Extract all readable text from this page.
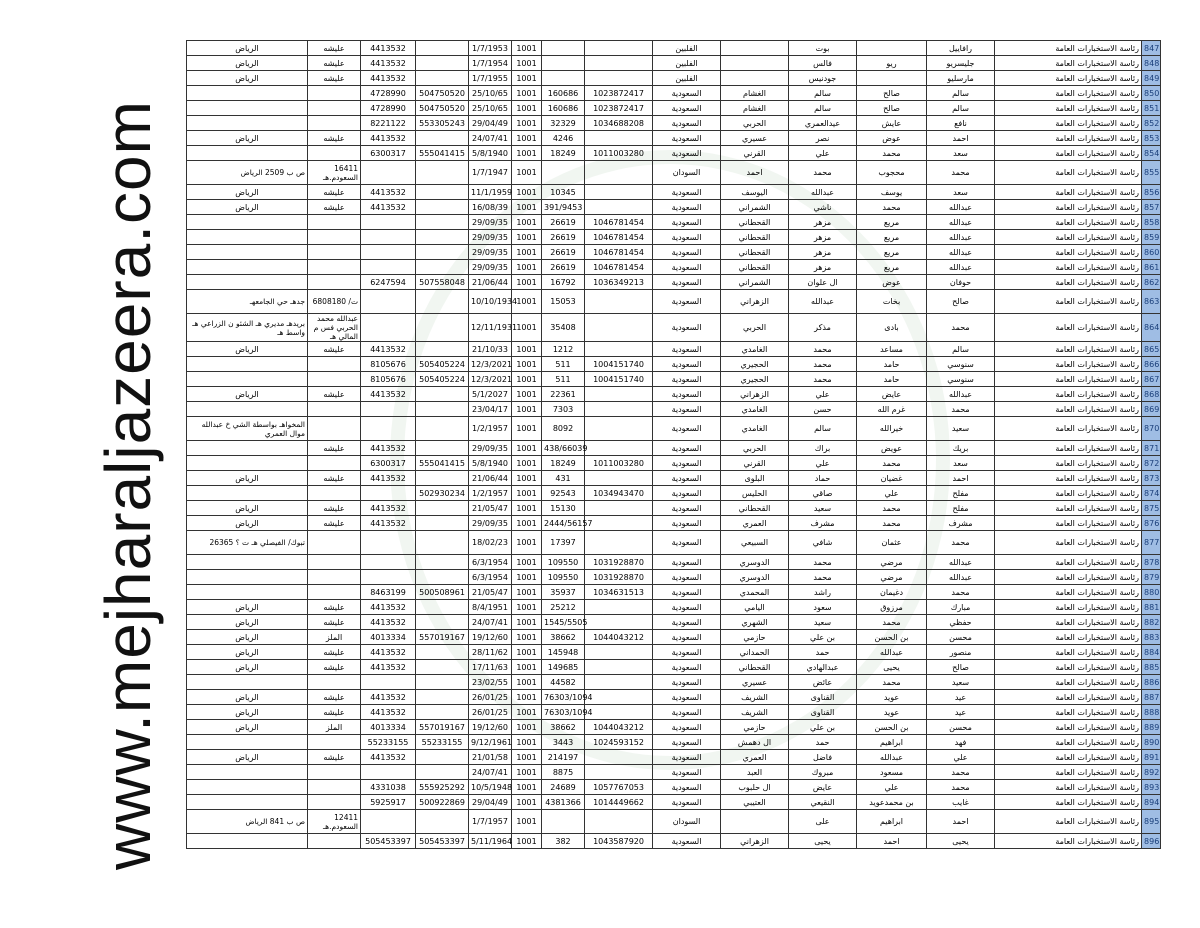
www.mejharaljazeera.com
الرياض	عليشه	4413532		1/7/1953	1001			الفلبين		بوت		رافاييل	رئاسة الاستخبارات العامة	847
الرياض	عليشه	4413532		1/7/1954	1001			الفلبين		فالس	ريو	جليسريو	رئاسة الاستخبارات العامة	848
الرياض	عليشه	4413532		1/7/1955	1001			الفلبين		جودنيس		مارسليو	رئاسة الاستخبارات العامة	849
		4728990	504750520	25/10/65	1001	160686	1023872417	السعودية	الغشام	سالم	صالح	سالم	رئاسة الاستخبارات العامة	850
		4728990	504750520	25/10/65	1001	160686	1023872417	السعودية	الغشام	سالم	صالح	سالم	رئاسة الاستخبارات العامة	851
		8221122	553305243	29/04/49	1001	32329	1034688208	السعودية	الحربي	عيدالعمري	عايش	نافع	رئاسة الاستخبارات العامة	852
الرياض	عليشه	4413532		24/07/41	1001	4246		السعودية	عسيري	نصر	عوض	احمد	رئاسة الاستخبارات العامة	853
		6300317	555041415	5/8/1940	1001	18249	1011003280	السعودية	القرني	علي	محمد	سعد	رئاسة الاستخبارات العامة	854
ص ب 2509 الرياض	16411 السعودم.هـ			1/7/1947	1001			السودان	احمد	محمد	محجوب	محمد	رئاسة الاستخبارات العامة	855
الرياض	عليشه	4413532		11/1/1959	1001	10345		السعودية	اليوسف	عبدالله	يوسف	سعد	رئاسة الاستخبارات العامة	856
الرياض	عليشه	4413532		16/08/39	1001	391/9453		السعودية	الشمراني	ناشي	محمد	عبدالله	رئاسة الاستخبارات العامة	857
				29/09/35	1001	26619	1046781454	السعودية	القحطاني	مزهر	مريع	عبدالله	رئاسة الاستخبارات العامة	858
				29/09/35	1001	26619	1046781454	السعودية	القحطاني	مزهر	مريع	عبدالله	رئاسة الاستخبارات العامة	859
				29/09/35	1001	26619	1046781454	السعودية	القحطاني	مزهر	مريع	عبدالله	رئاسة الاستخبارات العامة	860
				29/09/35	1001	26619	1046781454	السعودية	القحطاني	مزهر	مريع	عبدالله	رئاسة الاستخبارات العامة	861
		6247594	507558048	21/06/44	1001	16792	1036349213	السعودية	الشمراني	ال علوان	عوض	حوفان	رئاسة الاستخبارات العامة	862
جدهـ حي الجامعهـ	ت/ 6808180			10/10/1934	1001	15053		السعودية	الزهراني	عبدالله	بخات	صالح	رئاسة الاستخبارات العامة	863
بريدهـ مديري هـ الشئو ن الزراعي هـ واسط هـ	عبدالله محمد الحربي فس م المالي هـ			12/11/1931	1001	35408		السعودية	الحربي	مذكر	بادى	محمد	رئاسة الاستخبارات العامة	864
الرياض	عليشه	4413532		21/10/33	1001	1212		السعودية	الغامدي	محمد	مساعد	سالم	رئاسة الاستخبارات العامة	865
		8105676	505405224	12/3/2021	1001	511	1004151740	السعودية	الحجيري	محمد	حامد	سنوسي	رئاسة الاستخبارات العامة	866
		8105676	505405224	12/3/2021	1001	511	1004151740	السعودية	الحجيري	محمد	حامد	سنوسي	رئاسة الاستخبارات العامة	867
الرياض	عليشه	4413532		5/1/2027	1001	22361		السعودية	الزهراني	علي	عايض	عبدالله	رئاسة الاستخبارات العامة	868
				23/04/17	1001	7303		السعودية	الغامدي	حسن	غرم الله	محمد	رئاسة الاستخبارات العامة	869
المخواهـ بواسطة الشي خ عبدالله موال العمري				1/2/1957	1001	8092		السعودية	الغامدي	سالم	خيرالله	سعيد	رئاسة الاستخبارات العامة	870
	عليشه	4413532		29/09/35	1001	438/66039		السعودية	الحربي	براك	عويض	بريك	رئاسة الاستخبارات العامة	871
		6300317	555041415	5/8/1940	1001	18249	1011003280	السعودية	القرني	علي	محمد	سعد	رئاسة الاستخبارات العامة	872
الرياض	عليشه	4413532		21/06/44	1001	431		السعودية	البلوى	حماد	غضيان	احمد	رئاسة الاستخبارات العامة	873
			502930234	1/2/1957	1001	92543	1034943470	السعودية	الحليس	صاقي	علي	مفلح	رئاسة الاستخبارات العامة	874
الرياض	عليشه	4413532		21/05/47	1001	15130		السعودية	القحطاني	سعيد	محمد	مفلح	رئاسة الاستخبارات العامة	875
الرياض	عليشه	4413532		29/09/35	1001	2444/56157		السعودية	العمري	مشرف	محمد	مشرف	رئاسة الاستخبارات العامة	876
تبوك/ الفيصلي هـ ت ؟ 26365				18/02/23	1001	17397		السعودية	السبيعي	شافي	عثمان	محمد	رئاسة الاستخبارات العامة	877
				6/3/1954	1001	109550	1031928870	السعودية	الدوسري	محمد	مرضي	عبدالله	رئاسة الاستخبارات العامة	878
				6/3/1954	1001	109550	1031928870	السعودية	الدوسري	محمد	مرضي	عبدالله	رئاسة الاستخبارات العامة	879
		8463199	500508961	21/05/47	1001	35937	1034631513	السعودية	المحمدي	راشد	دغيمان	محمد	رئاسة الاستخبارات العامة	880
الرياض	عليشه	4413532		8/4/1951	1001	25212		السعودية	اليامي	سعود	مرزوق	مبارك	رئاسة الاستخبارات العامة	881
الرياض	عليشه	4413532		24/07/41	1001	1545/5505		السعودية	الشهري	سعيد	محمد	حفظي	رئاسة الاستخبارات العامة	882
الرياض	الملز	4013334	557019167	19/12/60	1001	38662	1044043212	السعودية	حازمي	بن علي	بن الحسن	محسن	رئاسة الاستخبارات العامة	883
الرياض	عليشه	4413532		28/11/62	1001	145948		السعودية	الحمداني	حمد	عبدالله	منصور	رئاسة الاستخبارات العامة	884
الرياض	عليشه	4413532		17/11/63	1001	149685		السعودية	القحطاني	عبدالهادي	يحيى	صالح	رئاسة الاستخبارات العامة	885
				23/02/55	1001	44582		السعودية	عسيري	عائض	محمد	سعيد	رئاسة الاستخبارات العامة	886
الرياض	عليشه	4413532		26/01/25	1001	76303/1094		السعودية	الشريف	القناوى	عويد	عيد	رئاسة الاستخبارات العامة	887
الرياض	عليشه	4413532		26/01/25	1001	76303/1094		السعودية	الشريف	القناوى	عويد	عيد	رئاسة الاستخبارات العامة	888
الرياض	الملز	4013334	557019167	19/12/60	1001	38662	1044043212	السعودية	حازمي	بن علي	بن الحسن	محسن	رئاسة الاستخبارات العامة	889
		55233155	55233155	9/12/1961	1001	3443	1024593152	السعودية	ال دهمش	حمد	ابراهيم	فهد	رئاسة الاستخبارات العامة	890
الرياض	عليشه	4413532		21/01/58	1001	214197		السعودية	العمري	فاضل	عبدالله	علي	رئاسة الاستخبارات العامة	891
				24/07/41	1001	8875		السعودية	العبد	مبروك	مسعود	محمد	رئاسة الاستخبارات العامة	892
		4331038	555925292	10/5/1948	1001	24689	1057767053	السعودية	ال حلبوب	عايض	علي	محمد	رئاسة الاستخبارات العامة	893
		5925917	500922869	29/04/49	1001	4381366	1014449662	السعودية	العتيبي	النقيعي	بن محمدعويد	غايب	رئاسة الاستخبارات العامة	894
ص ب 841 الرياض	12411 السعودم.هـ			1/7/1957	1001			السودان		على	ابراهيم	احمد	رئاسة الاستخبارات العامة	895
		505453397	505453397	5/11/1964	1001	382	1043587920	السعودية	الزهراني	يحيى	احمد	يحيى	رئاسة الاستخبارات العامة	896
